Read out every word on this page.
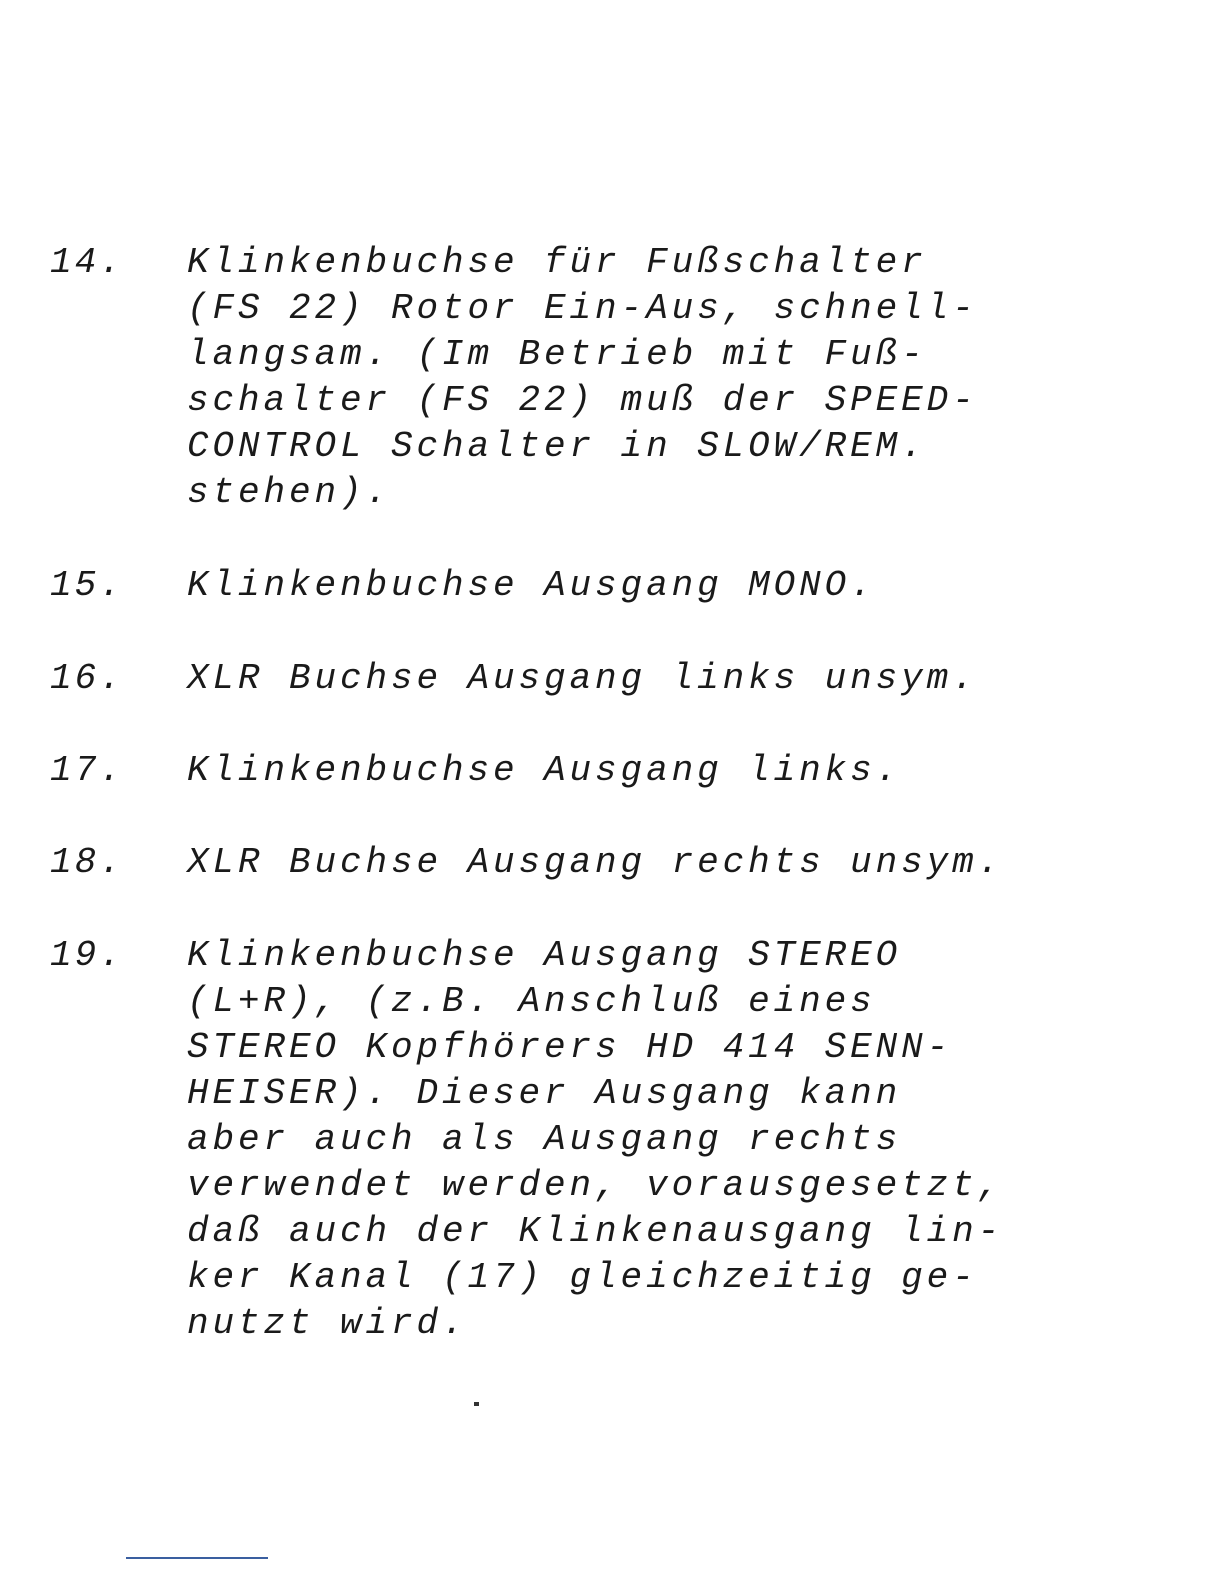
14. Klinkenbuchse für Fußschalter
(FS 22) Rotor Ein-Aus, schnell-
langsam. (Im Betrieb mit Fuß-
schalter (FS 22) muß der SPEED-
CONTROL Schalter in SLOW/REM.
stehen).
15. Klinkenbuchse Ausgang MONO.
16. XLR Buchse Ausgang links unsym.
17. Klinkenbuchse Ausgang links.
18. XLR Buchse Ausgang rechts unsym.
19. Klinkenbuchse Ausgang STEREO
(L+R), (z.B. Anschluß eines
STEREO Kopfhörers HD 414 SENN-
HEISER). Dieser Ausgang kann
aber auch als Ausgang rechts
verwendet werden, vorausgesetzt,
daß auch der Klinkenausgang lin-
ker Kanal (17) gleichzeitig ge-
nutzt wird.
